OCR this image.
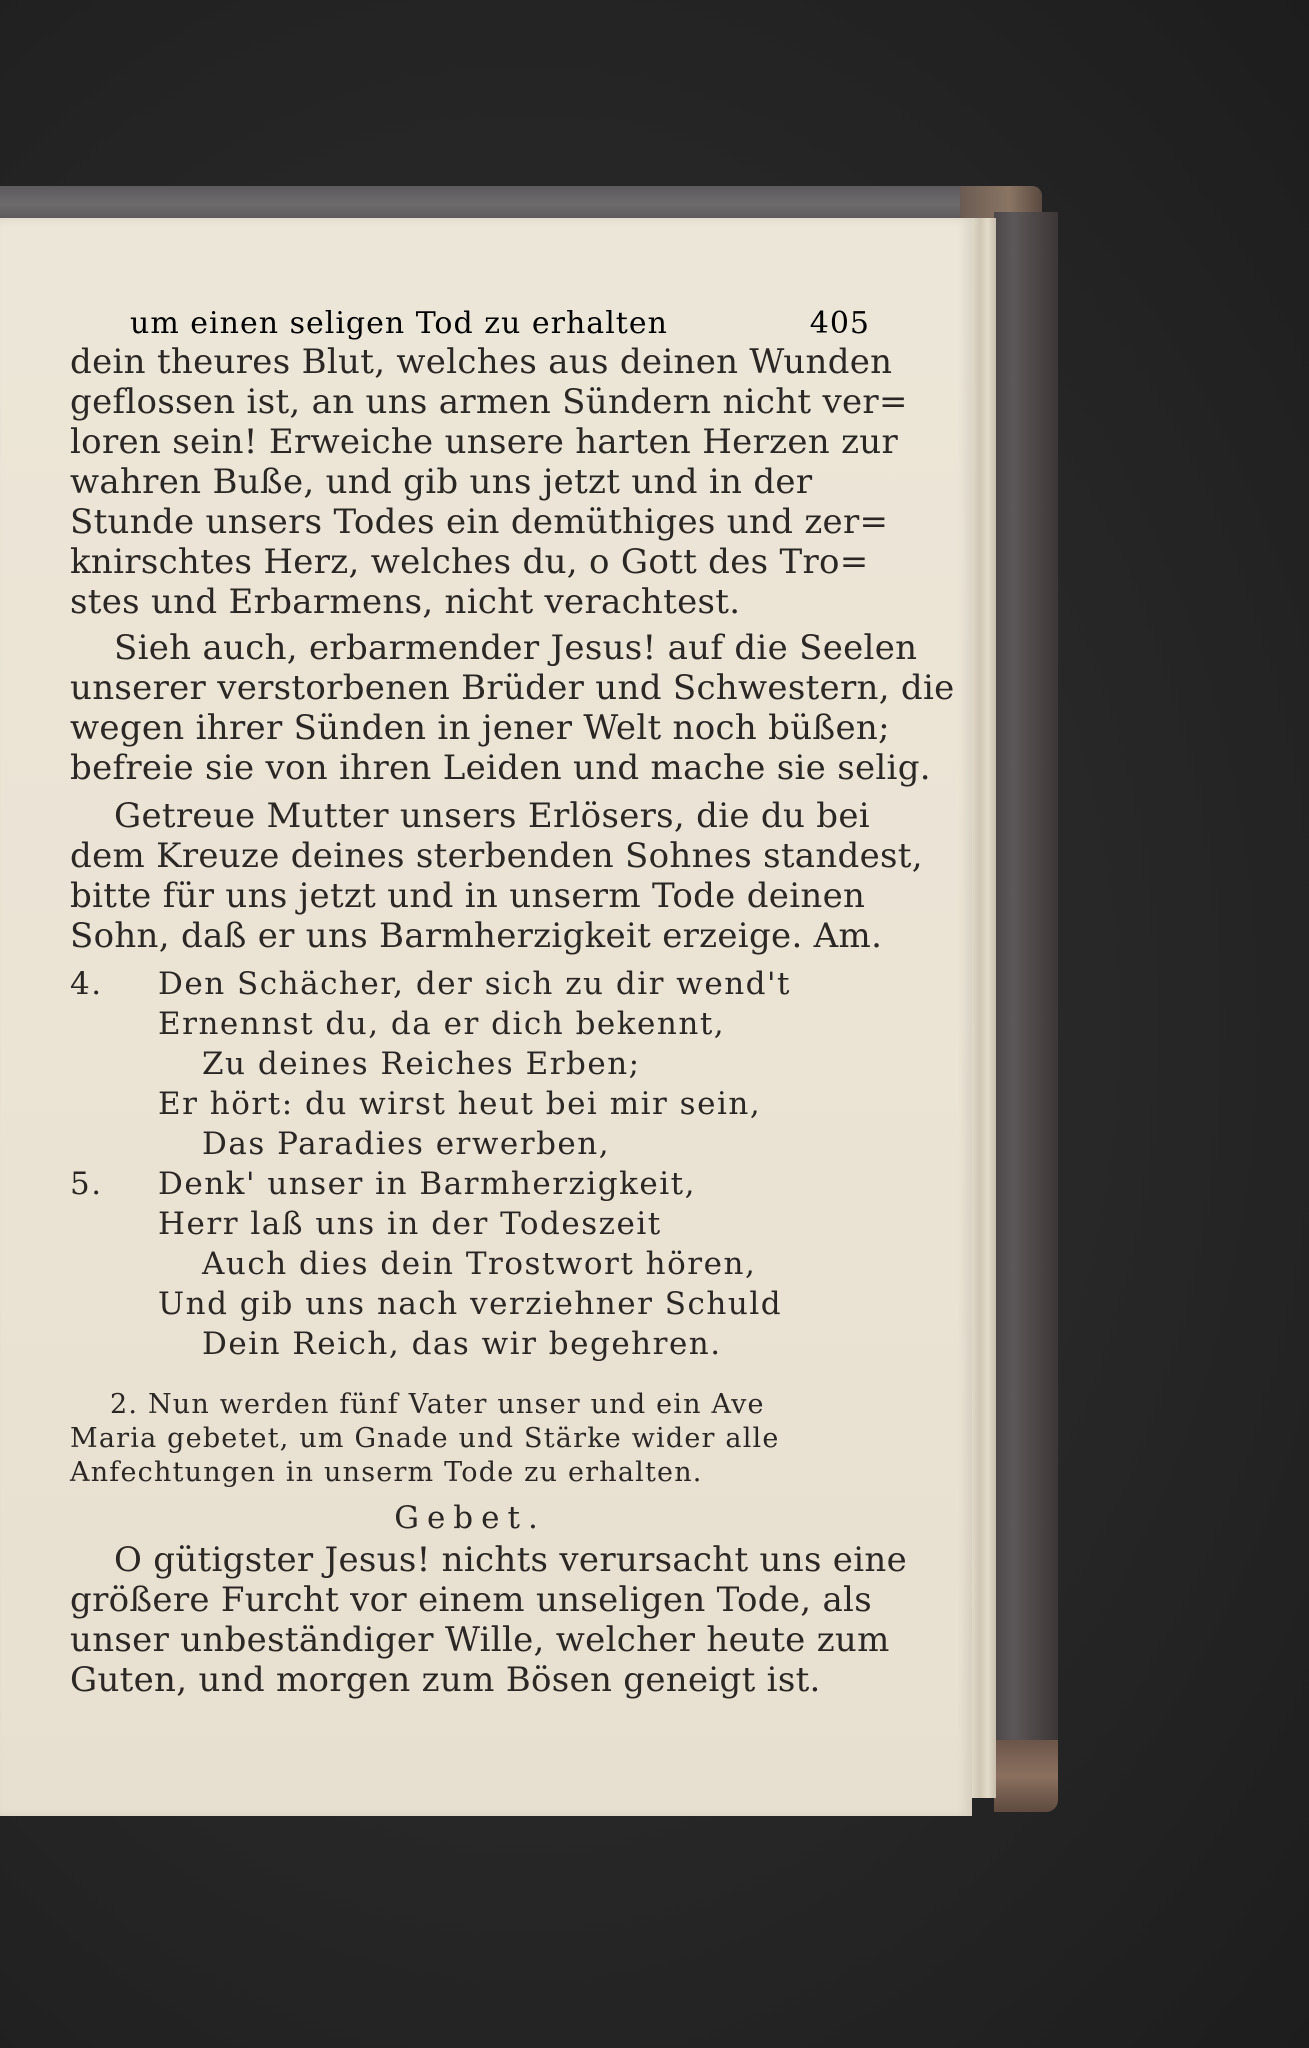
um einen seligen Tod zu erhalten	405
dein theures Blut, welches aus deinen Wunden
geflossen ist, an uns armen Sündern nicht ver=
loren sein! Erweiche unsere harten Herzen zur
wahren Buße, und gib uns jetzt und in der
Stunde unsers Todes ein demüthiges und zer=
knirschtes Herz, welches du, o Gott des Tro=
stes und Erbarmens, nicht verachtest.
Sieh auch, erbarmender Jesus! auf die Seelen
unserer verstorbenen Brüder und Schwestern, die
wegen ihrer Sünden in jener Welt noch büßen;
befreie sie von ihren Leiden und mache sie selig.
Getreue Mutter unsers Erlösers, die du bei
dem Kreuze deines sterbenden Sohnes standest,
bitte für uns jetzt und in unserm Tode deinen
Sohn, daß er uns Barmherzigkeit erzeige. Am.
4. Den Schächer, der sich zu dir wend't
Ernennst du, da er dich bekennt,
Zu deines Reiches Erben;
Er hört: du wirst heut bei mir sein,
Das Paradies erwerben,
5. Denk' unser in Barmherzigkeit,
Herr laß uns in der Todeszeit
Auch dies dein Trostwort hören,
Und gib uns nach verziehner Schuld
Dein Reich, das wir begehren.
2. Nun werden fünf Vater unser und ein Ave
Maria gebetet, um Gnade und Stärke wider alle
Anfechtungen in unserm Tode zu erhalten.
Gebet.
O gütigster Jesus! nichts verursacht uns eine
größere Furcht vor einem unseligen Tode, als
unser unbeständiger Wille, welcher heute zum
Guten, und morgen zum Bösen geneigt ist.
